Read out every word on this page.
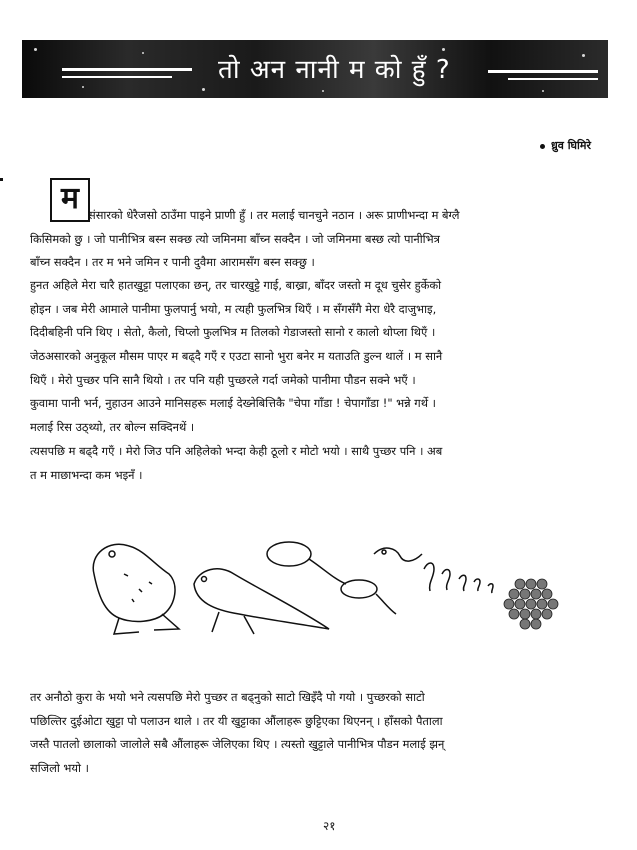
तो अन नानी म को हुँ ?
ध्रुव घिमिरे
म संसारको धेरैजसो ठाउँमा पाइने प्राणी हुँ । तर मलाई चानचुने नठान । अरू प्राणीभन्दा म बेग्लै

किसिमको छु । जो पानीभित्र बस्न सक्छ त्यो जमिनमा बाँच्न सक्दैन । जो जमिनमा बस्छ त्यो पानीभित्र

बाँच्न सक्दैन । तर म भने जमिन र पानी दुवैमा आरामसँग बस्न सक्छु ।

हुनत अहिले मेरा चारै हातखुट्टा पलाएका छन्, तर चारखुट्टे गाई, बाख्रा, बाँदर जस्तो म दूध चुसेर हुर्केको

होइन । जब मेरी आमाले पानीमा फुलपार्नु भयो, म त्यही फुलभित्र थिएँ । म सँगसँगै मेरा धेरै दाजुभाइ,

दिदीबहिनी पनि थिए । सेतो, कैलो, चिप्लो फुलभित्र म तिलको गेडाजस्तो सानो र कालो थोप्ला थिएँ ।

जेठअसारको अनुकूल मौसम पाएर म बढ्दै गएँ र एउटा सानो भुरा बनेर म यताउति डुल्न थालें । म सानै

थिएँ । मेरो पुच्छर पनि सानै थियो । तर पनि यही पुच्छरले गर्दा जमेको पानीमा पौडन सक्ने भएँ ।

कुवामा पानी भर्न, नुहाउन आउने मानिसहरू मलाई देख्नेबित्तिकै "चेपा गाँडा ! चेपागाँडा !" भन्ने गर्थे ।

मलाई रिस उठ्थ्यो, तर बोल्न सक्दिनथें ।

त्यसपछि म बढ्दै गएँ । मेरो जिउ पनि अहिलेको भन्दा केही ठूलो र मोटो भयो । साथै पुच्छर पनि । अब

त म माछाभन्दा कम भइनँ ।

तर अनौठो कुरा के भयो भने त्यसपछि मेरो पुच्छर त बढ्नुको साटो खिइँदै पो गयो । पुच्छरको साटो

पछिल्तिर दुईओटा खुट्टा पो पलाउन थाले । तर यी खुट्टाका औंलाहरू छुट्टिएका थिएनन् । हाँसको पैताला

जस्तै पातलो छालाको जालोले सबै औंलाहरू जेलिएका थिए । त्यस्तो खुट्टाले पानीभित्र पौडन मलाई झन्

सजिलो भयो ।

२१
